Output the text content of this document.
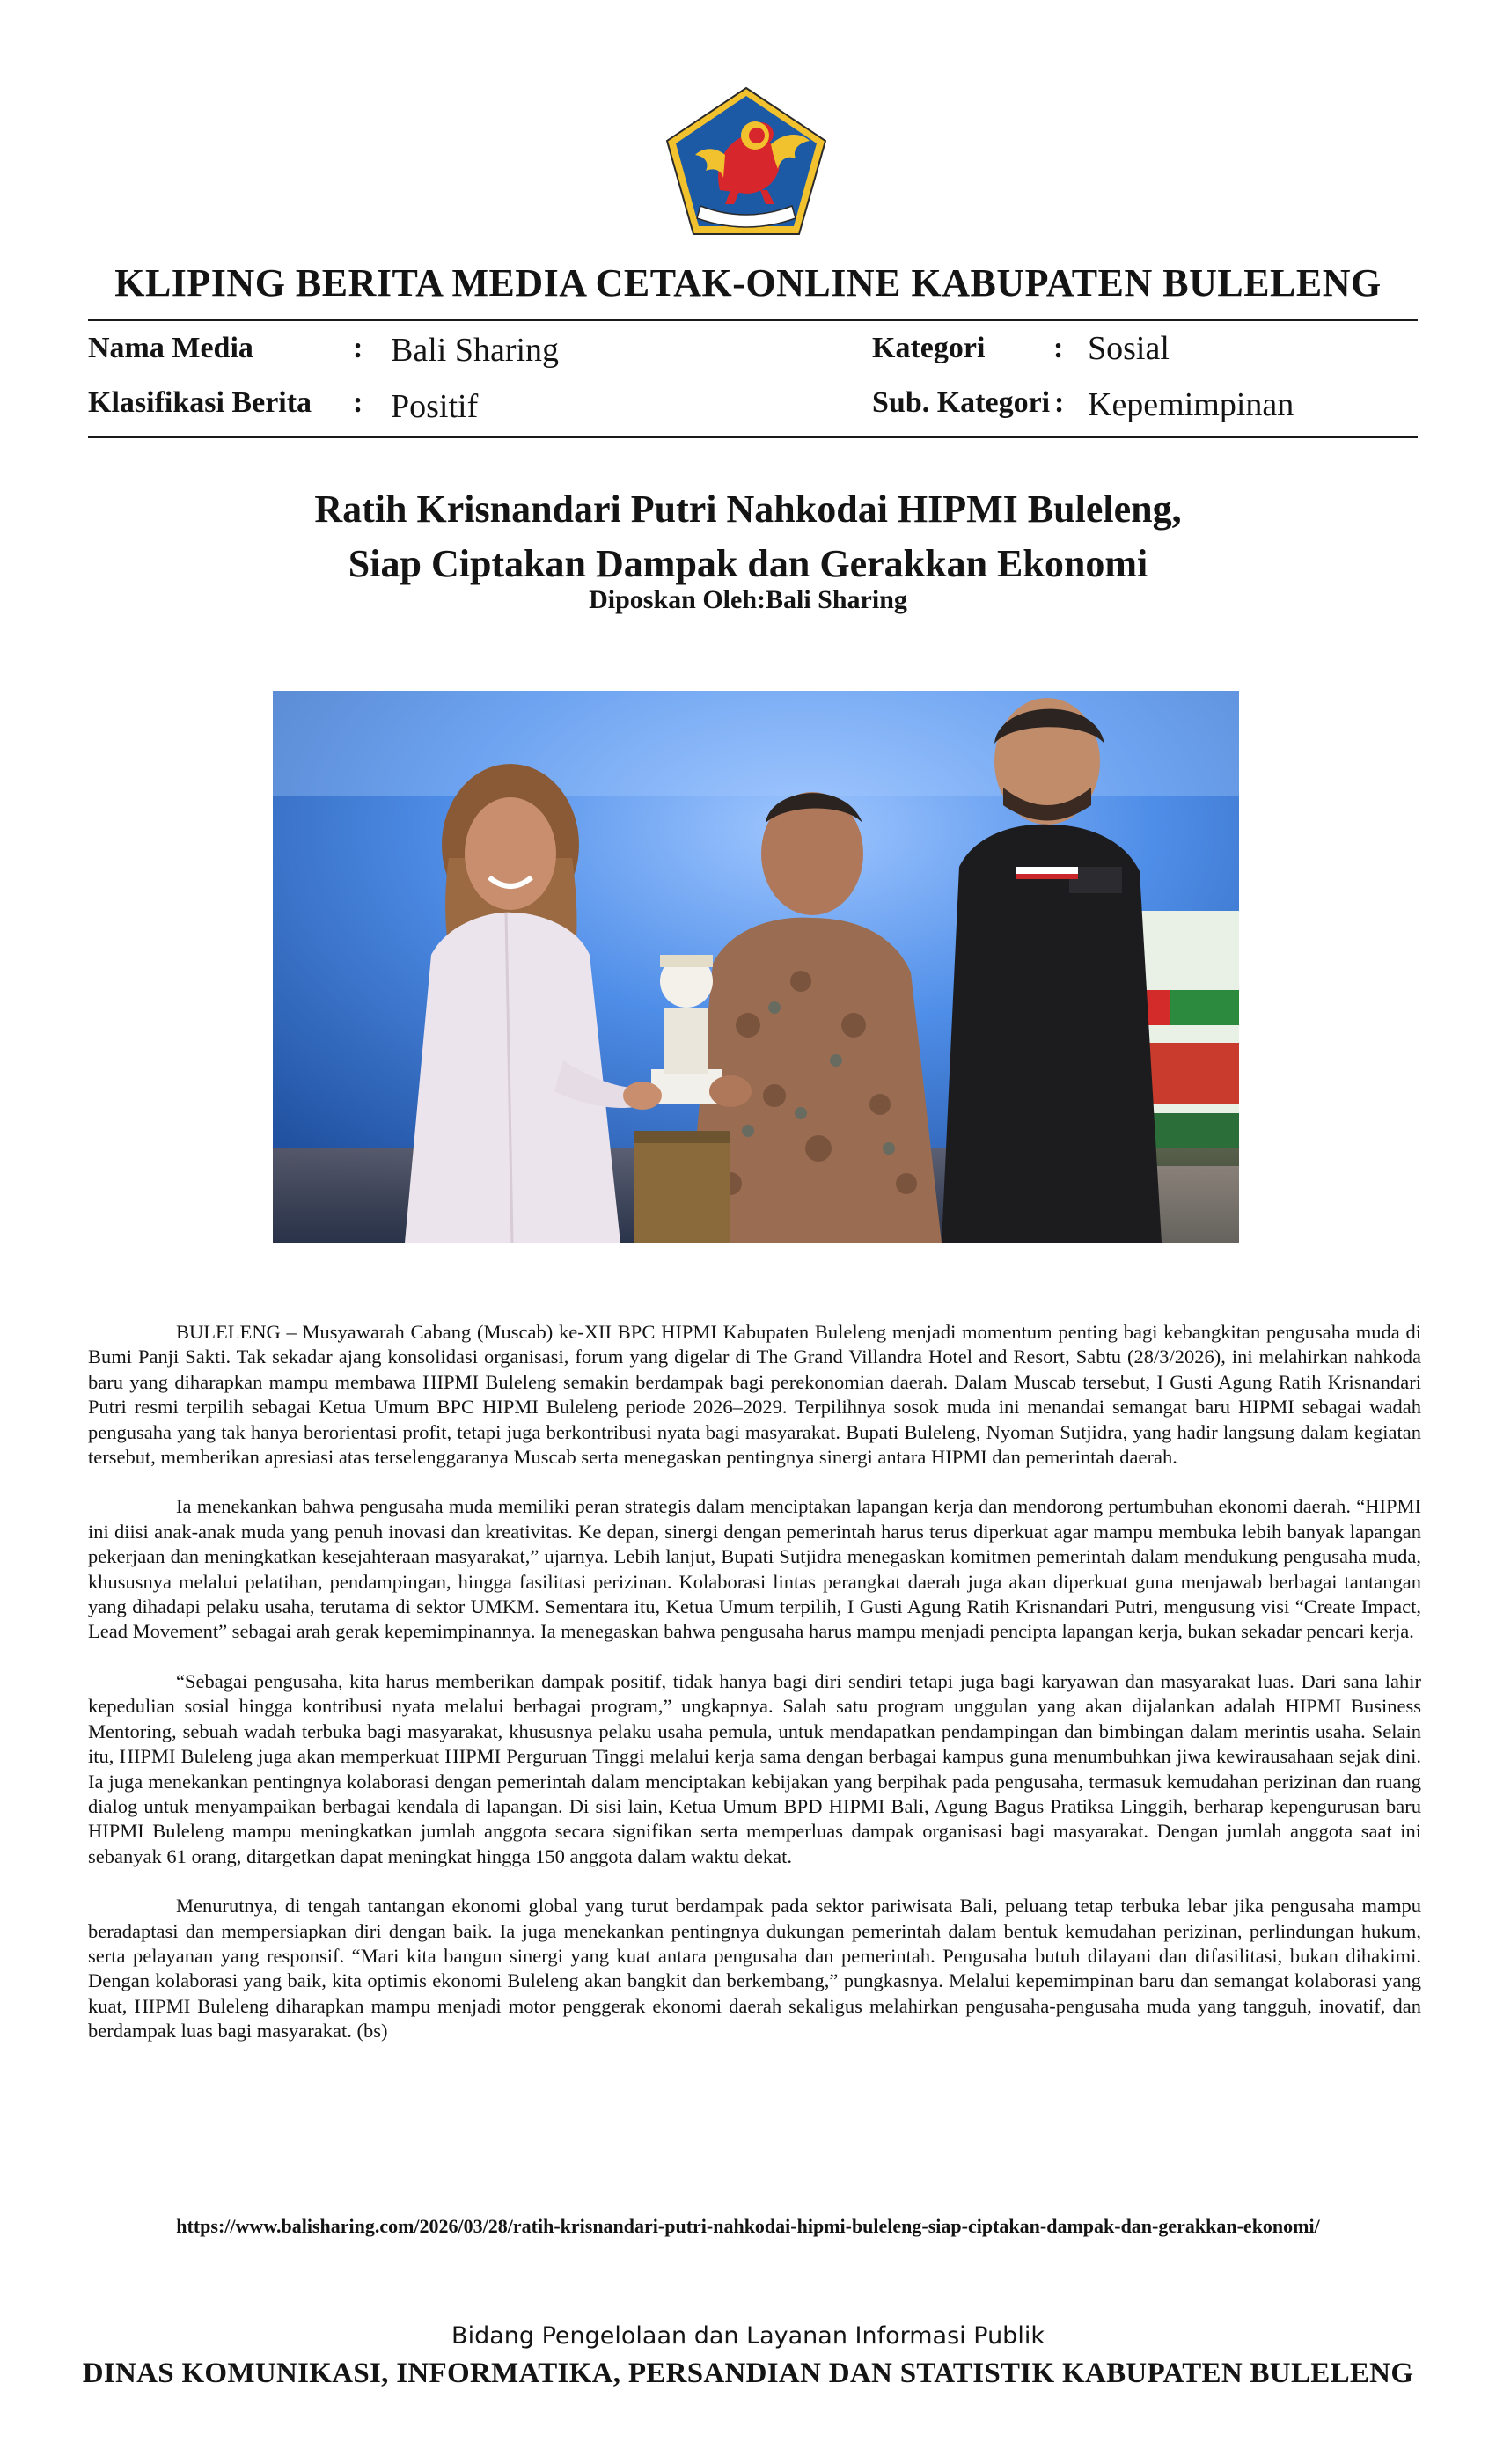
KLIPING BERITA MEDIA CETAK-ONLINE KABUPATEN BULELENG
Nama Media	: Bali Sharing
Klasifikasi Berita : Positif
Kategori : Sosial
Sub. Kategori : Kepemimpinan
Ratih Krisnandari Putri Nahkodai HIPMI Buleleng,
Siap Ciptakan Dampak dan Gerakkan Ekonomi
Diposkan Oleh:Bali Sharing

BULELENG – Musyawarah Cabang (Muscab) ke-XII BPC HIPMI Kabupaten Buleleng menjadi momentum penting bagi kebangkitan pengusaha muda di Bumi Panji Sakti. Tak sekadar ajang konsolidasi organisasi, forum yang digelar di The Grand Villandra Hotel and Resort, Sabtu (28/3/2026), ini melahirkan nahkoda baru yang diharapkan mampu membawa HIPMI Buleleng semakin berdampak bagi perekonomian daerah. Dalam Muscab tersebut, I Gusti Agung Ratih Krisnandari Putri resmi terpilih sebagai Ketua Umum BPC HIPMI Buleleng periode 2026–2029. Terpilihnya sosok muda ini menandai semangat baru HIPMI sebagai wadah pengusaha yang tak hanya berorientasi profit, tetapi juga berkontribusi nyata bagi masyarakat. Bupati Buleleng, Nyoman Sutjidra, yang hadir langsung dalam kegiatan tersebut, memberikan apresiasi atas terselenggaranya Muscab serta menegaskan pentingnya sinergi antara HIPMI dan pemerintah daerah.

Ia menekankan bahwa pengusaha muda memiliki peran strategis dalam menciptakan lapangan kerja dan mendorong pertumbuhan ekonomi daerah. “HIPMI ini diisi anak-anak muda yang penuh inovasi dan kreativitas. Ke depan, sinergi dengan pemerintah harus terus diperkuat agar mampu membuka lebih banyak lapangan pekerjaan dan meningkatkan kesejahteraan masyarakat,” ujarnya. Lebih lanjut, Bupati Sutjidra menegaskan komitmen pemerintah dalam mendukung pengusaha muda, khususnya melalui pelatihan, pendampingan, hingga fasilitasi perizinan. Kolaborasi lintas perangkat daerah juga akan diperkuat guna menjawab berbagai tantangan yang dihadapi pelaku usaha, terutama di sektor UMKM. Sementara itu, Ketua Umum terpilih, I Gusti Agung Ratih Krisnandari Putri, mengusung visi “Create Impact, Lead Movement” sebagai arah gerak kepemimpinannya. Ia menegaskan bahwa pengusaha harus mampu menjadi pencipta lapangan kerja, bukan sekadar pencari kerja.

“Sebagai pengusaha, kita harus memberikan dampak positif, tidak hanya bagi diri sendiri tetapi juga bagi karyawan dan masyarakat luas. Dari sana lahir kepedulian sosial hingga kontribusi nyata melalui berbagai program,” ungkapnya. Salah satu program unggulan yang akan dijalankan adalah HIPMI Business Mentoring, sebuah wadah terbuka bagi masyarakat, khususnya pelaku usaha pemula, untuk mendapatkan pendampingan dan bimbingan dalam merintis usaha. Selain itu, HIPMI Buleleng juga akan memperkuat HIPMI Perguruan Tinggi melalui kerja sama dengan berbagai kampus guna menumbuhkan jiwa kewirausahaan sejak dini. Ia juga menekankan pentingnya kolaborasi dengan pemerintah dalam menciptakan kebijakan yang berpihak pada pengusaha, termasuk kemudahan perizinan dan ruang dialog untuk menyampaikan berbagai kendala di lapangan. Di sisi lain, Ketua Umum BPD HIPMI Bali, Agung Bagus Pratiksa Linggih, berharap kepengurusan baru HIPMI Buleleng mampu meningkatkan jumlah anggota secara signifikan serta memperluas dampak organisasi bagi masyarakat. Dengan jumlah anggota saat ini sebanyak 61 orang, ditargetkan dapat meningkat hingga 150 anggota dalam waktu dekat.

Menurutnya, di tengah tantangan ekonomi global yang turut berdampak pada sektor pariwisata Bali, peluang tetap terbuka lebar jika pengusaha mampu beradaptasi dan mempersiapkan diri dengan baik. Ia juga menekankan pentingnya dukungan pemerintah dalam bentuk kemudahan perizinan, perlindungan hukum, serta pelayanan yang responsif. “Mari kita bangun sinergi yang kuat antara pengusaha dan pemerintah. Pengusaha butuh dilayani dan difasilitasi, bukan dihakimi. Dengan kolaborasi yang baik, kita optimis ekonomi Buleleng akan bangkit dan berkembang,” pungkasnya. Melalui kepemimpinan baru dan semangat kolaborasi yang kuat, HIPMI Buleleng diharapkan mampu menjadi motor penggerak ekonomi daerah sekaligus melahirkan pengusaha-pengusaha muda yang tangguh, inovatif, dan berdampak luas bagi masyarakat. (bs)

https://www.balisharing.com/2026/03/28/ratih-krisnandari-putri-nahkodai-hipmi-buleleng-siap-ciptakan-dampak-dan-gerakkan-ekonomi/
Bidang Pengelolaan dan Layanan Informasi Publik
DINAS KOMUNIKASI, INFORMATIKA, PERSANDIAN DAN STATISTIK KABUPATEN BULELENG
